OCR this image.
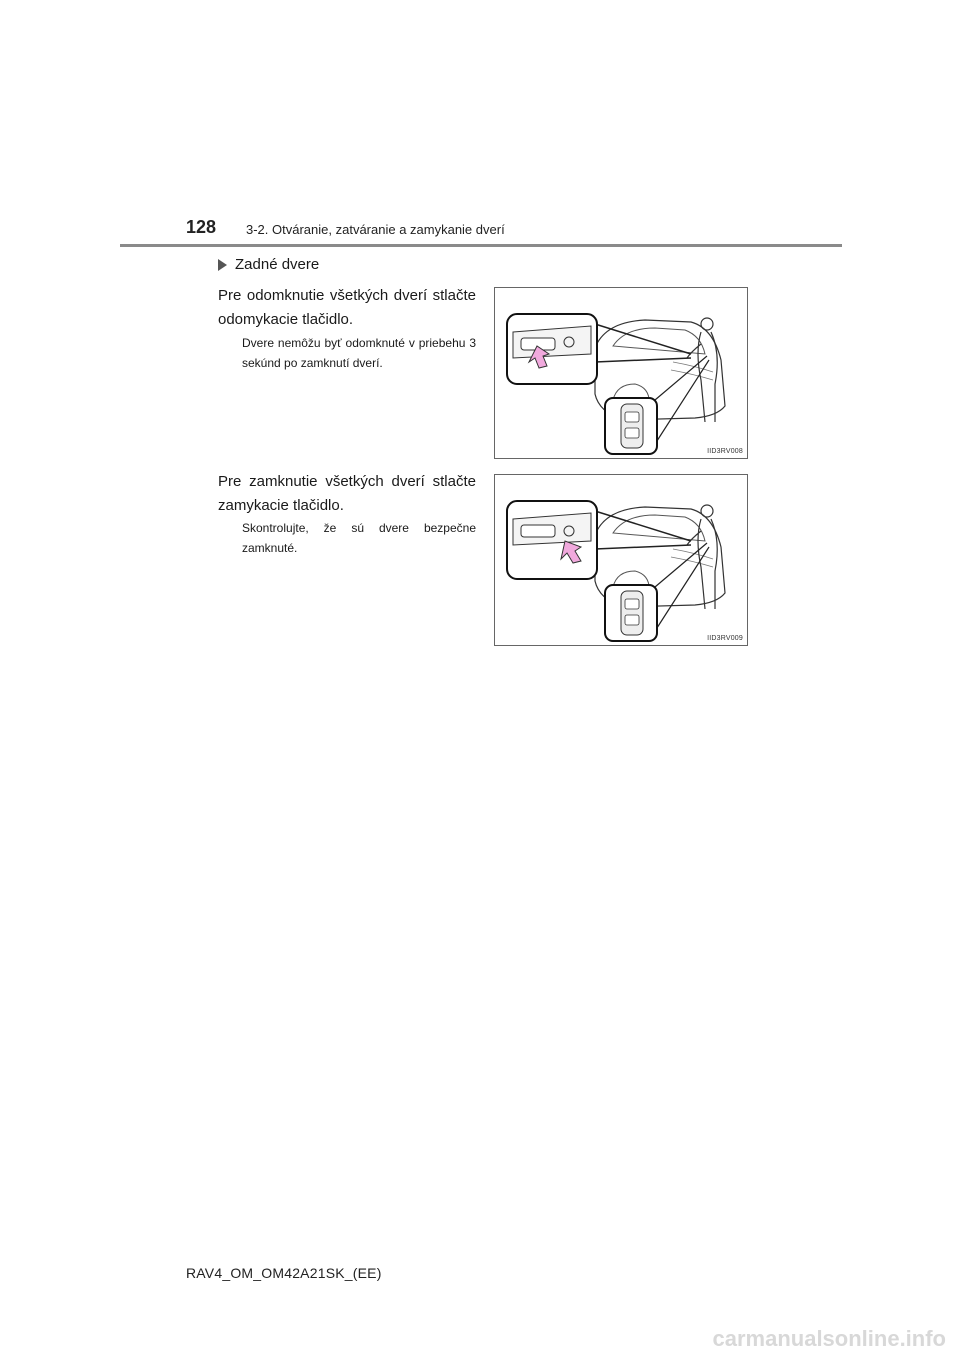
128 3-2. Otváranie, zatváranie a zamykanie dverí
Zadné dvere
Pre odomknutie všetkých dverí stlačte odomykacie tlačidlo.
Dvere nemôžu byť odomknuté v priebehu 3 sekúnd po zamknutí dverí.
Pre zamknutie všetkých dverí stlačte zamykacie tlačidlo.
Skontrolujte, že sú dvere bezpečne zamknuté.
IID3RV008
IID3RV009
RAV4_OM_OM42A21SK_(EE)
carmanualsonline.info
